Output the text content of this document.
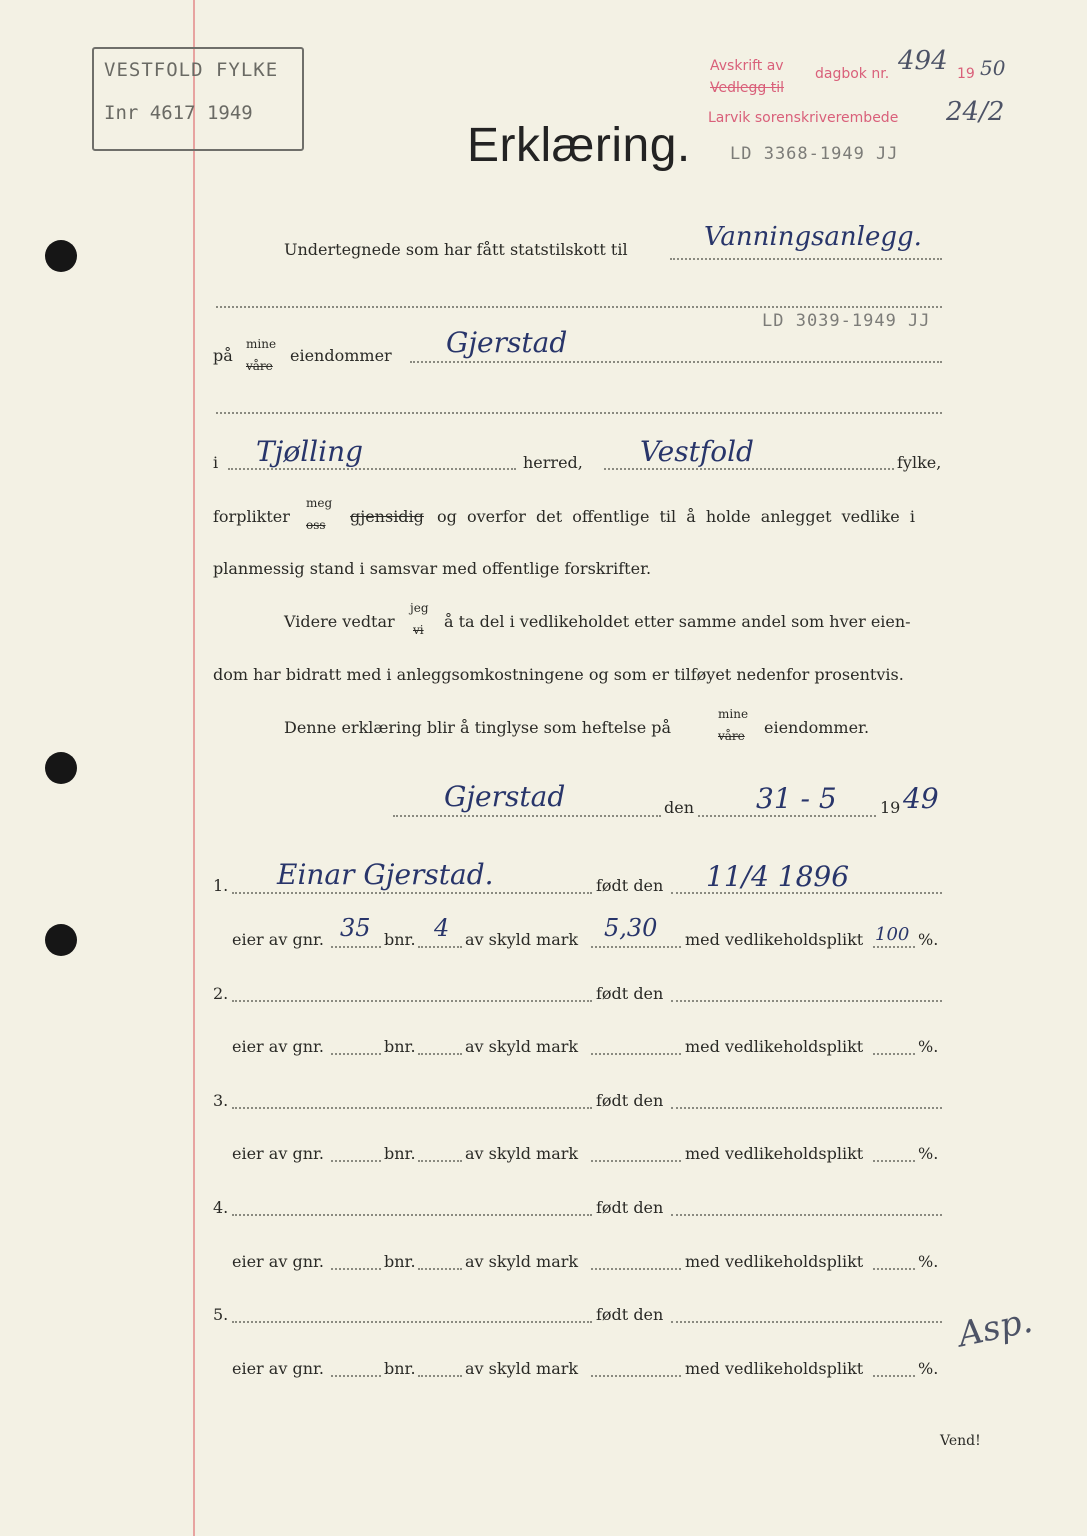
VESTFOLD FYLKE
Inr 4617 1949
Avskrift av
Vedlegg til
dagbok nr. 494 19 50
Larvik sorenskriverembede 24/2
Erklæring. LD 3368-1949 JJ
LD 3039-1949 JJ
Undertegnede som har fått statstilskott til	Vanningsanlegg.
på
mine
våre
eiendommer Gjerstad
i Tjølling	herred, Vestfold	fylke,
forplikter
meg
oss gjensidig og overfor det offentlige til å holde anlegget vedlike i
planmessig stand i samsvar med offentlige forskrifter.
Videre vedtar
jeg
vi å ta del i vedlikeholdet etter samme andel som hver eien-
dom har bidratt med i anleggsomkostningene og som er tilføyet nedenfor prosentvis.
Denne erklæring blir å tinglyse som heftelse på
mine
våre eiendommer.
Gjerstad	den 31 - 5	19 49
1. Einar Gjerstad.	født den 11/4 1896
eier av gnr. 35 bnr. 4 av skyld mark 5,30 med vedlikeholdsplikt 100 %.
2.	født den
eier av gnr.	bnr.	av skyld mark	med vedlikeholdsplikt	%.
3.	født den
eier av gnr.	bnr.	av skyld mark	med vedlikeholdsplikt	%.
4.	født den
eier av gnr.	bnr.	av skyld mark	med vedlikeholdsplikt	%.
5.	født den
eier av gnr.	bnr.	av skyld mark	med vedlikeholdsplikt	%.
Asp.
Vend!
